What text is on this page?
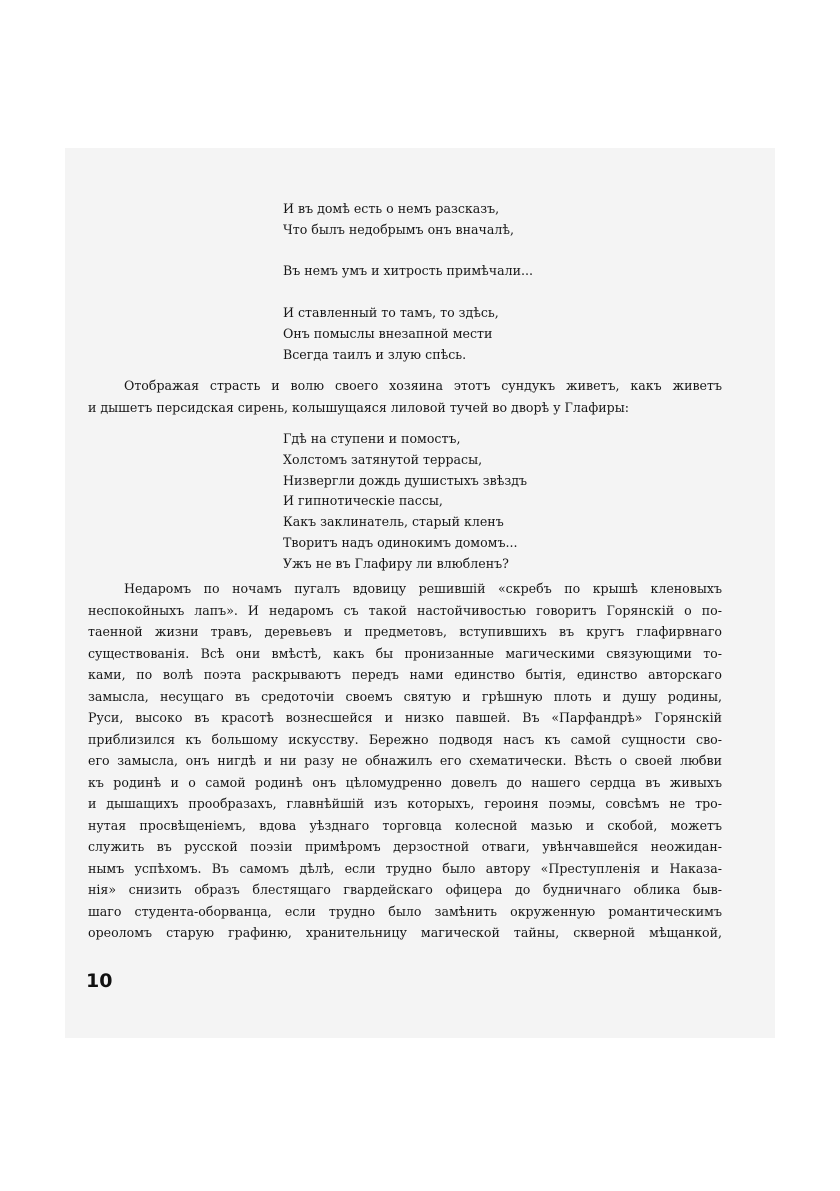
И въ домѣ есть о немъ разсказъ,
Что былъ недобрымъ онъ вначалѣ,

Въ немъ умъ и хитрость примѣчали...

И ставленный то тамъ, то здѣсь,
Онъ помыслы внезапной мести
Всегда таилъ и злую спѣсь.
Отображая страсть и волю своего хозяина этотъ сундукъ живетъ, какъ живетъ
и дышетъ персидская сирень, колышущаяся лиловой тучей во дворѣ у Глафиры:
Гдѣ на ступени и помостъ,
Холстомъ затянутой террасы,
Низвергли дождь душистыхъ звѣздъ
И гипнотическіе пассы,
Какъ заклинатель, старый кленъ
Творитъ надъ одинокимъ домомъ...
Ужъ не въ Глафиру ли влюбленъ?
Недаромъ по ночамъ пугалъ вдовицу решившій «скребъ по крышѣ кленовыхъ
неспокойныхъ лапъ». И недаромъ съ такой настойчивостью говоритъ Горянскій о по-
таенной жизни травъ, деревьевъ и предметовъ, вступившихъ въ кругъ глафирвнаго
существованія. Всѣ они вмѣстѣ, какъ бы пронизанные магическими связующими то-
ками, по волѣ поэта раскрываютъ передъ нами единство бытія, единство авторскаго
замысла, несущаго въ средоточіи своемъ святую и грѣшную плоть и душу родины,
Руси, высоко въ красотѣ вознесшейся и низко павшей. Въ «Парфандрѣ» Горянскій
приблизился къ большому искусству. Бережно подводя насъ къ самой сущности сво-
его замысла, онъ нигдѣ и ни разу не обнажилъ его схематически. Вѣсть о своей любви
къ родинѣ и о самой родинѣ онъ цѣломудренно довелъ до нашего сердца въ живыхъ
и дышащихъ прообразахъ, главнѣйшій изъ которыхъ, героиня поэмы, совсѣмъ не тро-
нутая просвѣщеніемъ, вдова уѣзднаго торговца колесной мазью и скобой, можетъ
служить въ русской поэзіи примѣромъ дерзостной отваги, увѣнчавшейся неожидан-
нымъ успѣхомъ. Въ самомъ дѣлѣ, если трудно было автору «Преступленія и Наказа-
нія» снизить образъ блестящаго гвардейскаго офицера до будничнаго облика быв-
шаго студента-оборванца, если трудно было замѣнить окруженную романтическимъ
ореоломъ старую графиню, хранительницу магической тайны, скверной мѣщанкой,
10
